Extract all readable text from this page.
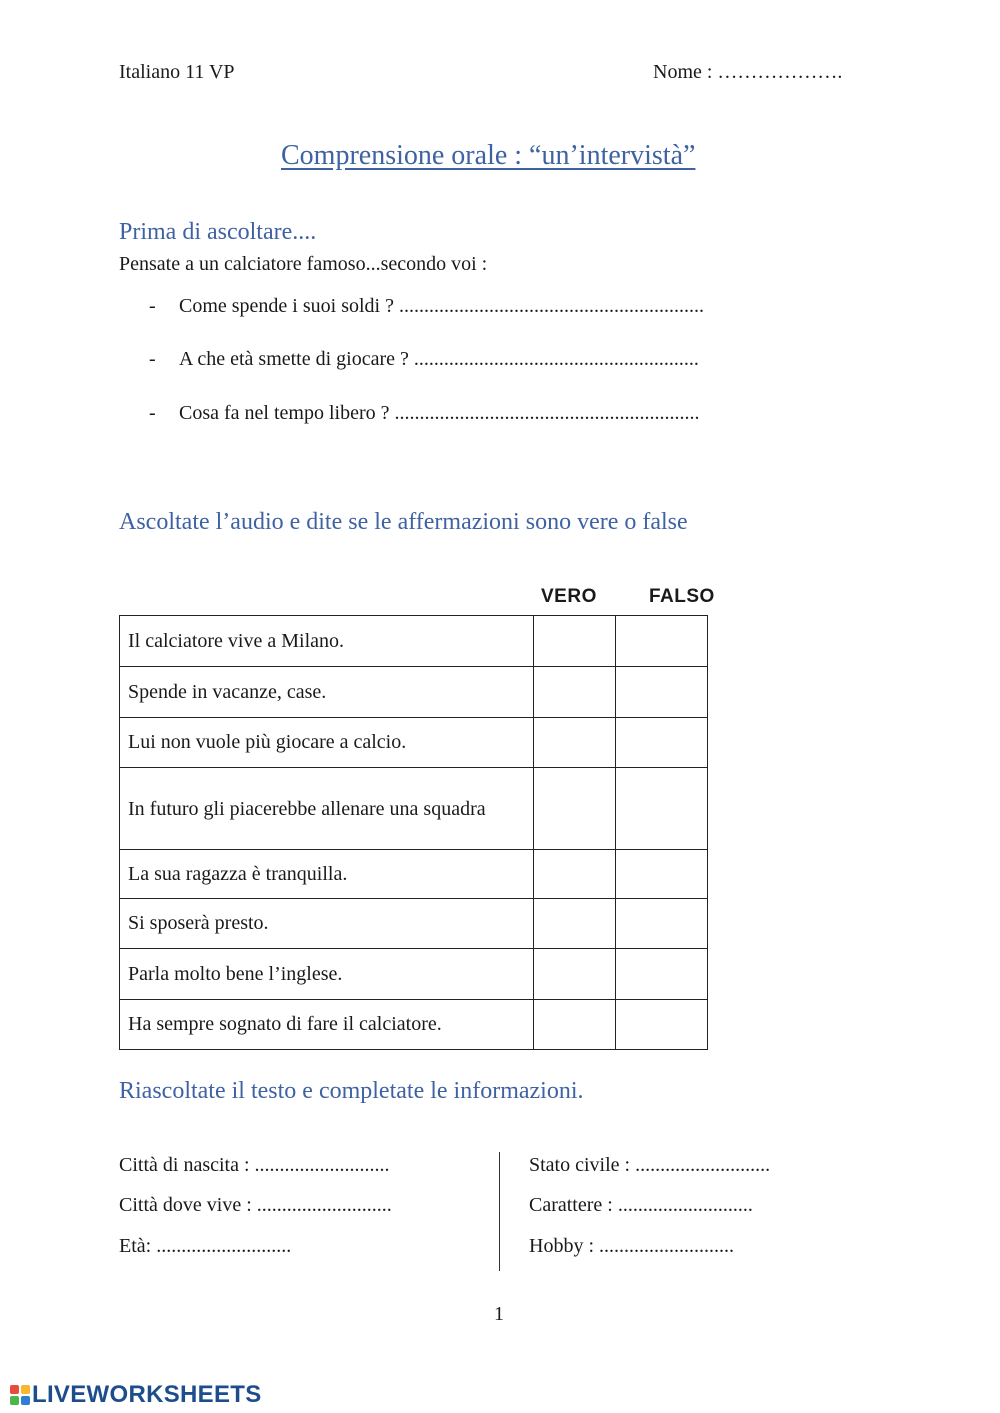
Italiano 11 VP	Nome : ……………….
Comprensione orale : “un’intervistà”
Prima di ascoltare....
Pensate a un calciatore famoso...secondo voi :
- Come spende i suoi soldi ? .............................................................
- A che età smette di giocare ? .........................................................
- Cosa fa nel tempo libero ? .............................................................
Ascoltate l’audio e dite se le affermazioni sono vere o false
VERO	FALSO
Il calciatore vive a Milano.		
Spende in vacanze, case.		
Lui non vuole più giocare a calcio.		
In futuro gli piacerebbe allenare una squadra		
La sua ragazza è tranquilla.		
Si sposerà presto.		
Parla molto bene l’inglese.		
Ha sempre sognato di fare il calciatore.		
Riascoltate il testo e completate le informazioni.
Città di nascita : ...........................
Città dove vive : ...........................
Età: ...........................
Stato civile : ...........................
Carattere : ...........................
Hobby : ...........................
1
LIVEWORKSHEETS
